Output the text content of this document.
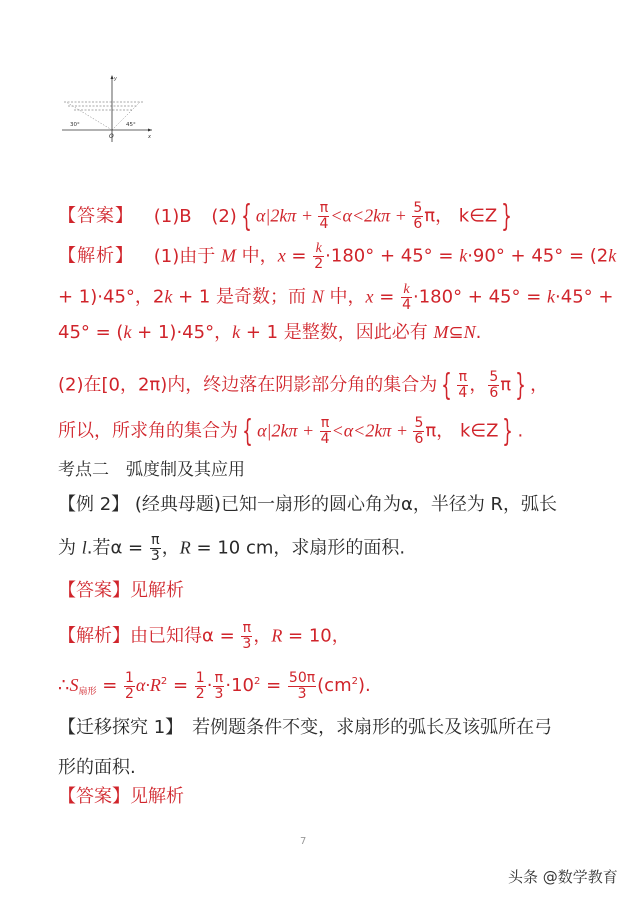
y
x
O
30°	45°
【答案】 (1)B (2) { $\alpha|2k\pi + \frac{\pi}{4} <\alpha<2k\pi + \frac{5}{6}$ π， k∈Z }
【解析】 (1)由于 M 中，$x = \frac{k}{2} \cdot 180^\circ + 45^\circ = k\cdot 90^\circ + 45^\circ = (2k$
+ 1)·45°，2k + 1 是奇数；而 N 中，$x = \frac{k}{4} \cdot 180^\circ + 45^\circ = k\cdot 45^\circ$ +
45° = (k + 1)·45°，k + 1 是整数，因此必有 M⊆N.
(2)在[0，2π)内，终边落在阴影部分角的集合为 { $\frac{\pi}{4}$ ， $\frac{5}{6}$ π } ，
所以，所求角的集合为 { $\alpha|2k\pi + \frac{\pi}{4} <\alpha<2k\pi + \frac{5}{6}$ π， k∈Z } .
考点二　弧度制及其应用
【例 2】 (经典母题)已知一扇形的圆心角为α，半径为 R，弧长
为 l.若$\alpha = \frac{\pi}{3}$ ，R = 10 cm，求扇形的面积.
【答案】见解析
【解析】由已知得$\alpha = \frac{\pi}{3}$ ，R = 10，
$\therefore S_{扇形} = \frac{1}{2} \alpha\cdot R^2 = \frac{1}{2} \cdot \frac{\pi}{3} \cdot 10^2 = \frac{50\pi}{3} (cm^2)$.
【迁移探究 1】　若例题条件不变，求扇形的弧长及该弧所在弓
形的面积.
【答案】见解析
7
头条 @数学教育
